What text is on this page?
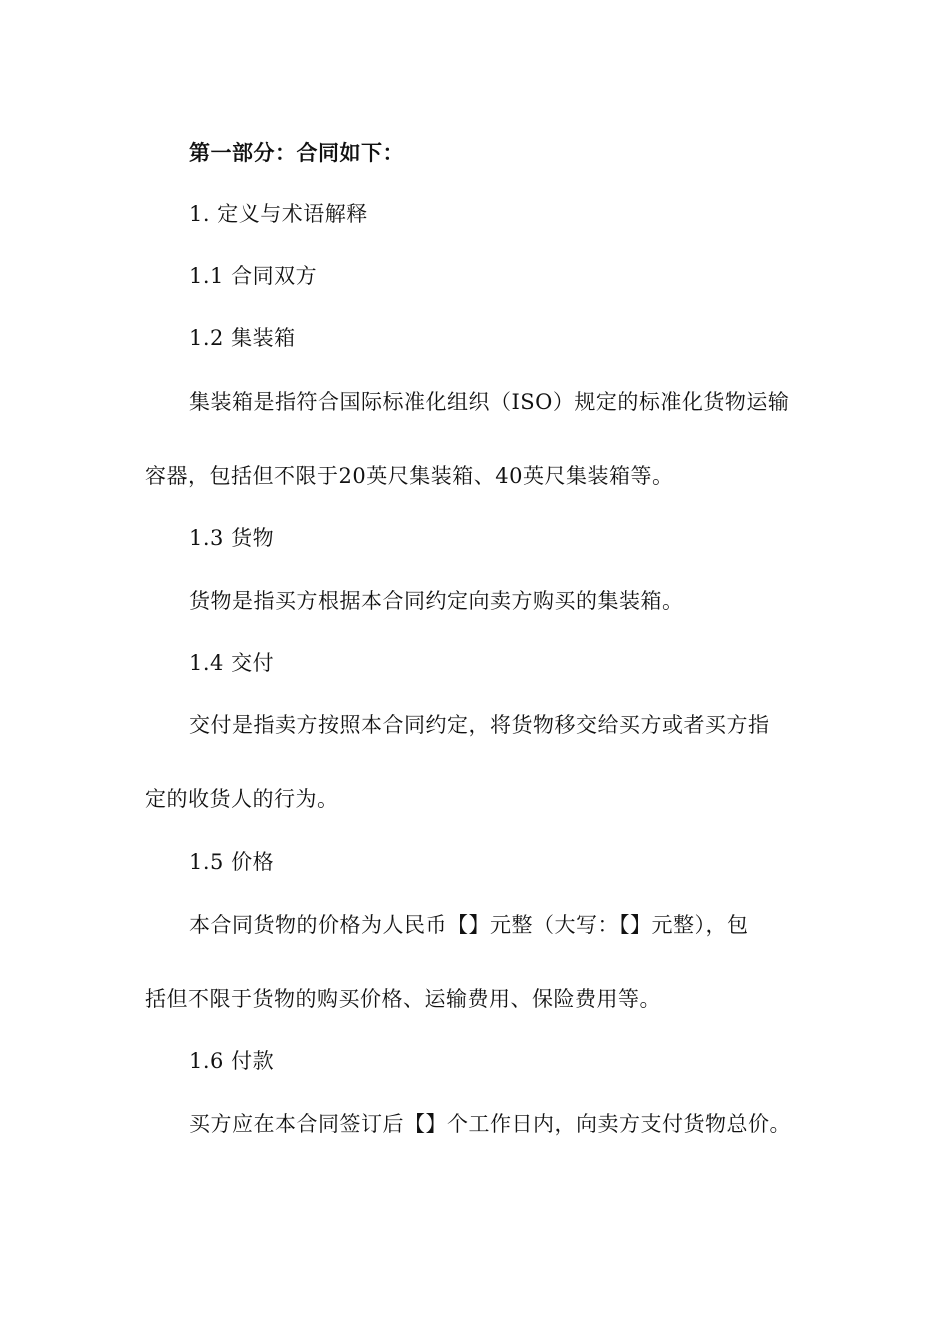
第一部分：合同如下：
1. 定义与术语解释
1.1 合同双方
1.2 集装箱
集装箱是指符合国际标准化组织（ISO）规定的标准化货物运输
容器，包括但不限于20英尺集装箱、40英尺集装箱等。
1.3 货物
货物是指买方根据本合同约定向卖方购买的集装箱。
1.4 交付
交付是指卖方按照本合同约定，将货物移交给买方或者买方指
定的收货人的行为。
1.5 价格
本合同货物的价格为人民币【】元整（大写：【】元整），包
括但不限于货物的购买价格、运输费用、保险费用等。
1.6 付款
买方应在本合同签订后【】个工作日内，向卖方支付货物总价。
